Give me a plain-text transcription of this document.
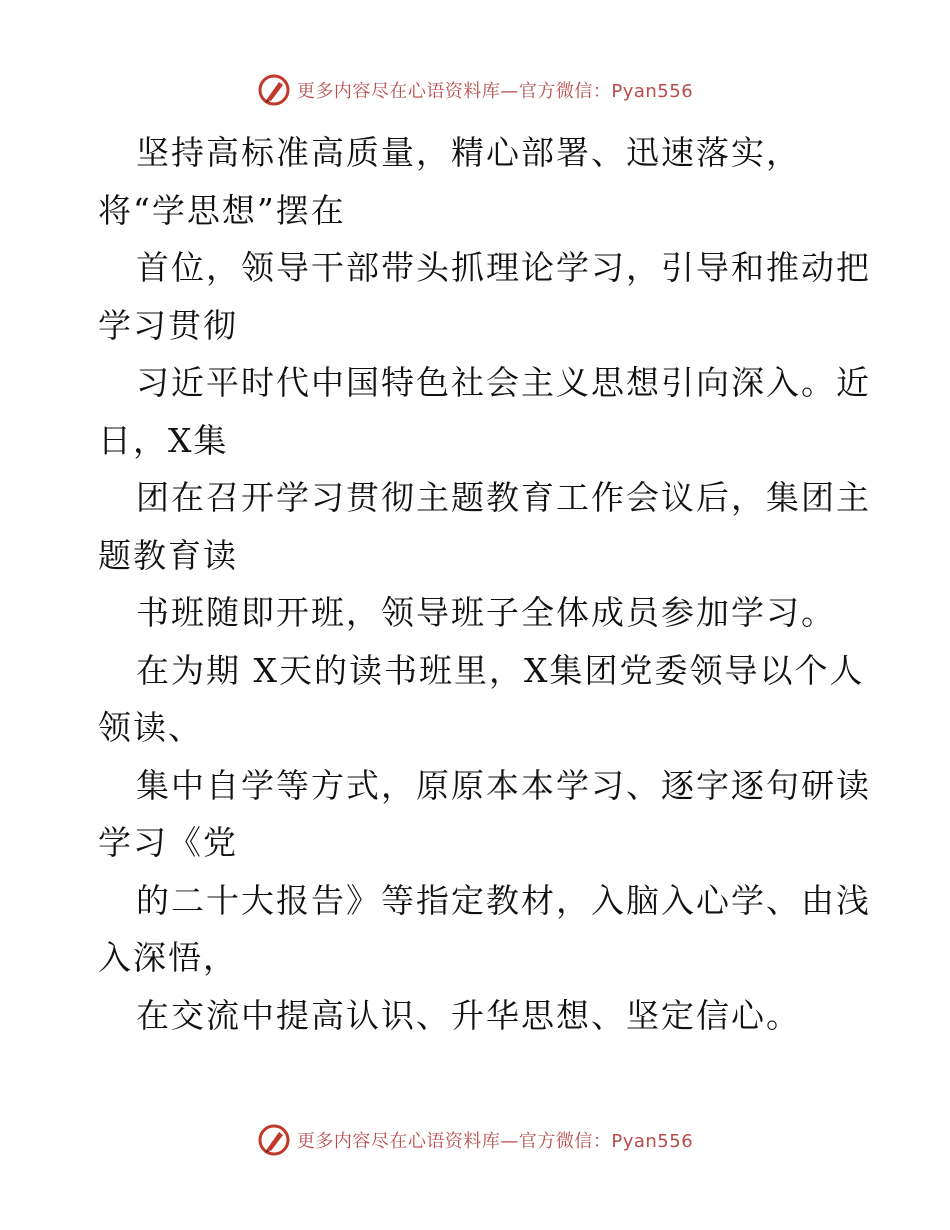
更多内容尽在心语资料库—官方微信：Pyan556
坚持高标准高质量，精心部署、迅速落实，
将“学思想”摆在
首位，领导干部带头抓理论学习，引导和推动把
学习贯彻
习近平时代中国特色社会主义思想引向深入。近
日，X集
团在召开学习贯彻主题教育工作会议后，集团主
题教育读
书班随即开班，领导班子全体成员参加学习。
在为期 X天的读书班里，X集团党委领导以个人
领读、
集中自学等方式，原原本本学习、逐字逐句研读
学习《党
的二十大报告》等指定教材，入脑入心学、由浅
入深悟，
在交流中提高认识、升华思想、坚定信心。
更多内容尽在心语资料库—官方微信：Pyan556
